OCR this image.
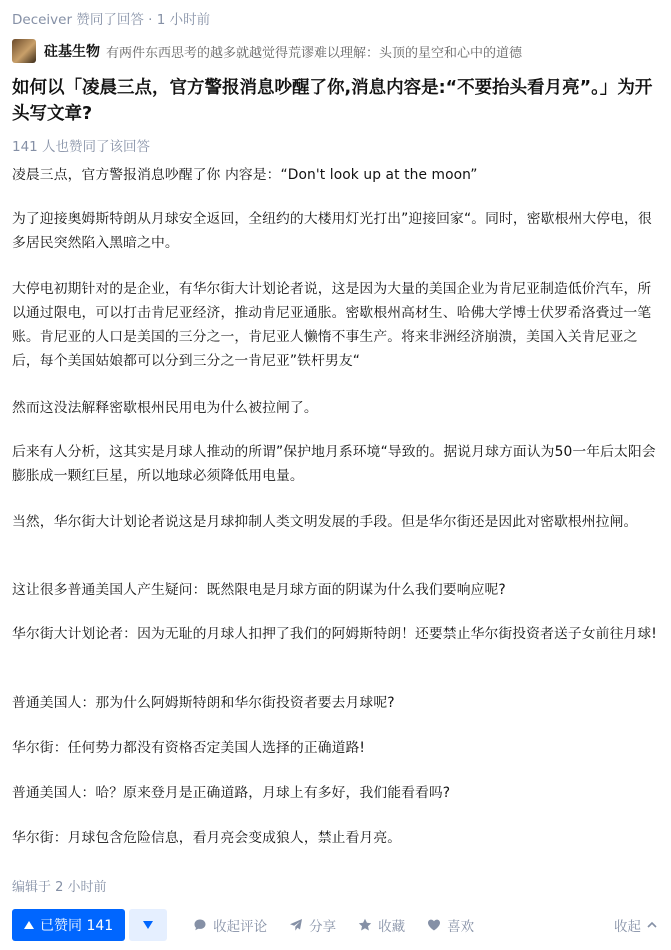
Deceiver 赞同了回答 · 1 小时前
砫基生物 有两件东西思考的越多就越觉得荒谬难以理解：头顶的星空和心中的道德
如何以「凌晨三点，官方警报消息吵醒了你,消息内容是:“不要抬头看月亮”。」为开头写文章?
141 人也赞同了该回答
凌晨三点，官方警报消息吵醒了你 内容是：“Don't look up at the moon”
为了迎接奥姆斯特朗从月球安全返回，全纽约的大楼用灯光打出”迎接回家“。同时，密歇根州大停电，很多居民突然陷入黑暗之中。
大停电初期针对的是企业，有华尔街大计划论者说，这是因为大量的美国企业为肯尼亚制造低价汽车，所以通过限电，可以打击肯尼亚经济，推动肯尼亚通胀。密歇根州高材生、哈佛大学博士伏罗希洛賫过一笔账。肯尼亚的人口是美国的三分之一，肯尼亚人懒惰不事生产。将来非洲经济崩溃，美国入关肯尼亚之后，每个美国姑娘都可以分到三分之一肯尼亚”铁杆男友“
然而这没法解释密歇根州民用电为什么被拉闸了。
后来有人分析，这其实是月球人推动的所谓”保护地月系环境“导致的。据说月球方面认为50一年后太阳会膨胀成一颗红巨星，所以地球必须降低用电量。
当然，华尔街大计划论者说这是月球抑制人类文明发展的手段。但是华尔街还是因此对密歇根州拉闸。
这让很多普通美国人产生疑问：既然限电是月球方面的阴谋为什么我们要响应呢?
华尔街大计划论者：因为无耻的月球人扣押了我们的阿姆斯特朗！还要禁止华尔街投资者送子女前往月球!
普通美国人：那为什么阿姆斯特朗和华尔街投资者要去月球呢?
华尔街：任何势力都没有资格否定美国人选择的正确道路!
普通美国人：哈？原来登月是正确道路，月球上有多好，我们能看看吗?
华尔街：月球包含危险信息，看月亮会变成狼人，禁止看月亮。
编辑于 2 小时前
已赞同 141	收起评论	分享	收藏	喜欢	收起
